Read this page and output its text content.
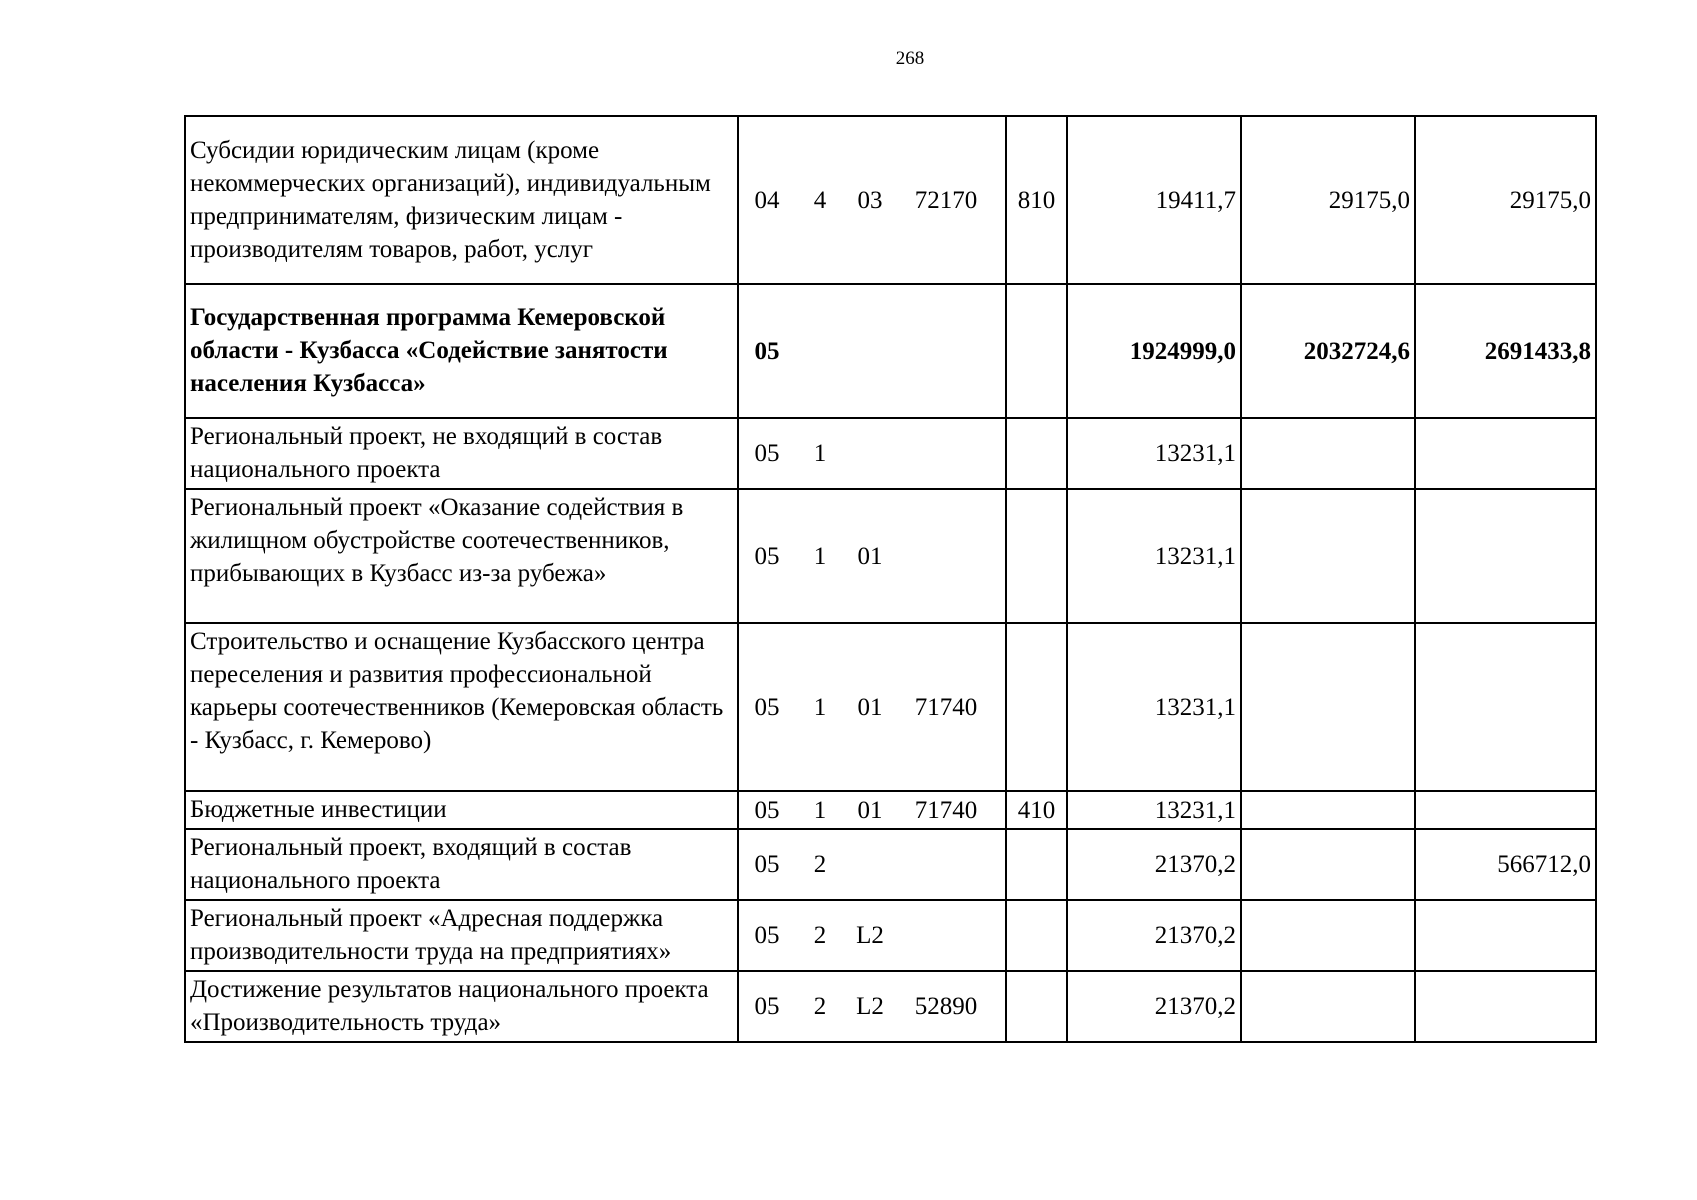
268
Субсидии юридическим лицам (кроме некоммерческих организаций), индивидуальным предпринимателям, физическим лицам - производителям товаров, работ, услуг	04 4 03 72170	810	19411,7	29175,0	29175,0
Государственная программа Кемеровской области - Кузбасса «Содействие занятости населения Кузбасса»	05		1924999,0	2032724,6	2691433,8
Региональный проект, не входящий в состав национального проекта	05 1		13231,1		
Региональный проект «Оказание содействия в жилищном обустройстве соотечественников, прибывающих в Кузбасс из-за рубежа»	05 1 01		13231,1		
Строительство и оснащение Кузбасского центра переселения и развития профессиональной карьеры соотечественников (Кемеровская область - Кузбасс, г. Кемерово)	05 1 01 71740		13231,1		
Бюджетные инвестиции	05 1 01 71740	410	13231,1		
Региональный проект, входящий в состав национального проекта	05 2		21370,2		566712,0
Региональный проект «Адресная поддержка производительности труда на предприятиях»	05 2 L2		21370,2		
Достижение результатов национального проекта «Производительность труда»	05 2 L2 52890		21370,2		
